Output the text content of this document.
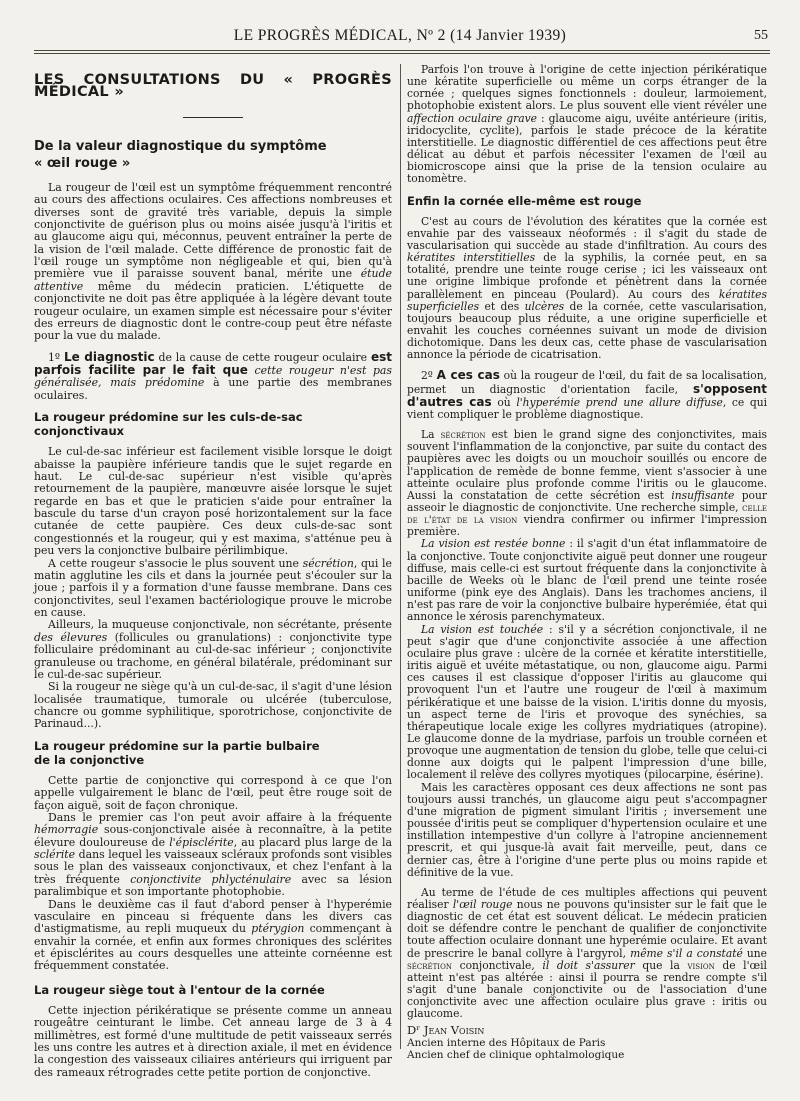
LE PROGRÈS MÉDICAL, Nº 2 (14 Janvier 1939)	55

LES CONSULTATIONS DU « PROGRÈS MÉDICAL »

De la valeur diagnostique du symptôme

« œil rouge »

La rougeur de l'œil est un symptôme fréquemment rencontré au cours des affections oculaires. Ces affections nombreuses et diverses sont de gravité très variable, depuis la simple conjonctivite de guérison plus ou moins aisée jusqu'à l'iritis et au glaucome aigu qui, méconnus, peuvent entraîner la perte de la vision de l'œil malade. Cette différence de pronostic fait de l'œil rouge un symptôme non négligeable et qui, bien qu'à première vue il paraisse souvent banal, mérite une étude attentive même du médecin praticien. L'étiquette de conjonctivite ne doit pas être appliquée à la légère devant toute rougeur oculaire, un examen simple est nécessaire pour s'éviter des erreurs de diagnostic dont le contre-coup peut être néfaste pour la vue du malade.

1º Le diagnostic de la cause de cette rougeur oculaire est parfois facilite par le fait que cette rougeur n'est pas généralisée, mais prédomine à une partie des membranes oculaires.

La rougeur prédomine sur les culs-de-sac

conjonctivaux

Le cul-de-sac inférieur est facilement visible lorsque le doigt abaisse la paupière inférieure tandis que le sujet regarde en haut. Le cul-de-sac supérieur n'est visible qu'après retournement de la paupière, manœuvre aisée lorsque le sujet regarde en bas et que le praticien s'aide pour entraîner la bascule du tarse d'un crayon posé horizontalement sur la face cutanée de cette paupière. Ces deux culs-de-sac sont congestionnés et la rougeur, qui y est maxima, s'atténue peu à peu vers la conjonctive bulbaire périlimbique.

A cette rougeur s'associe le plus souvent une sécrétion, qui le matin agglutine les cils et dans la journée peut s'écouler sur la joue ; parfois il y a formation d'une fausse membrane. Dans ces conjonctivites, seul l'examen bactériologique prouve le microbe en cause.

Ailleurs, la muqueuse conjonctivale, non sécrétante, présente des élevures (follicules ou granulations) : conjonctivite type folliculaire prédominant au cul-de-sac inférieur ; conjonctivite granuleuse ou trachome, en général bilatérale, prédominant sur le cul-de-sac supérieur.

Si la rougeur ne siège qu'à un cul-de-sac, il s'agit d'une lésion localisée traumatique, tumorale ou ulcérée (tuberculose, chancre ou gomme syphilitique, sporotrichose, conjonctivite de Parinaud...).

La rougeur prédomine sur la partie bulbaire

de la conjonctive

Cette partie de conjonctive qui correspond à ce que l'on appelle vulgairement le blanc de l'œil, peut être rouge soit de façon aiguë, soit de façon chronique.

Dans le premier cas l'on peut avoir affaire à la fréquente hémorragie sous-conjonctivale aisée à reconnaître, à la petite élevure douloureuse de l'épisclérite, au placard plus large de la sclérite dans lequel les vaisseaux scléraux profonds sont visibles sous le plan des vaisseaux conjonctivaux, et chez l'enfant à la très fréquente conjonctivite phlycténulaire avec sa lésion paralimbique et son importante photophobie.

Dans le deuxième cas il faut d'abord penser à l'hyperémie vasculaire en pinceau si fréquente dans les divers cas d'astigmatisme, au repli muqueux du ptérygion commençant à envahir la cornée, et enfin aux formes chroniques des sclérites et épisclérites au cours desquelles une atteinte cornéenne est fréquemment constatée.

La rougeur siège tout à l'entour de la cornée

Cette injection périkératique se présente comme un anneau rougeâtre ceinturant le limbe. Cet anneau large de 3 à 4 millimètres, est formé d'une multitude de petit vaisseaux serrés les uns contre les autres et à direction axiale, il met en évidence la congestion des vaisseaux ciliaires antérieurs qui irriguent par des rameaux rétrogrades cette petite portion de conjonctive.

Parfois l'on trouve à l'origine de cette injection périkératique une kératite superficielle ou même un corps étranger de la cornée ; quelques signes fonctionnels : douleur, larmoiement, photophobie existent alors. Le plus souvent elle vient révéler une affection oculaire grave : glaucome aigu, uvéite antérieure (iritis, iridocyclite, cyclite), parfois le stade précoce de la kératite interstitielle. Le diagnostic différentiel de ces affections peut être délicat au début et parfois nécessiter l'examen de l'œil au biomicroscope ainsi que la prise de la tension oculaire au tonomètre.

Enfin la cornée elle-même est rouge

C'est au cours de l'évolution des kératites que la cornée est envahie par des vaisseaux néoformés : il s'agit du stade de vascularisation qui succède au stade d'infiltration. Au cours des kératites interstitielles de la syphilis, la cornée peut, en sa totalité, prendre une teinte rouge cerise ; ici les vaisseaux ont une origine limbique profonde et pénètrent dans la cornée parallèlement en pinceau (Poulard). Au cours des kératites superficielles et des ulcères de la cornée, cette vascularisation, toujours beaucoup plus réduite, a une origine superficielle et envahit les couches cornéennes suivant un mode de division dichotomique. Dans les deux cas, cette phase de vascularisation annonce la période de cicatrisation.

2º A ces cas où la rougeur de l'œil, du fait de sa localisation, permet un diagnostic d'orientation facile, s'opposent d'autres cas où l'hyperémie prend une allure diffuse, ce qui vient compliquer le problème diagnostique.

La sécrétion est bien le grand signe des conjonctivites, mais souvent l'inflammation de la conjonctive, par suite du contact des paupières avec les doigts ou un mouchoir souillés ou encore de l'application de remède de bonne femme, vient s'associer à une atteinte oculaire plus profonde comme l'iritis ou le glaucome. Aussi la constatation de cette sécrétion est insuffisante pour asseoir le diagnostic de conjonctivite. Une recherche simple, celle de l'état de la vision viendra confirmer ou infirmer l'impression première.

La vision est restée bonne : il s'agit d'un état inflammatoire de la conjonctive. Toute conjonctivite aiguë peut donner une rougeur diffuse, mais celle-ci est surtout fréquente dans la conjonctivite à bacille de Weeks où le blanc de l'œil prend une teinte rosée uniforme (pink eye des Anglais). Dans les trachomes anciens, il n'est pas rare de voir la conjonctive bulbaire hyperémiée, état qui annonce le xérosis parenchymateux.

La vision est touchée : s'il y a sécrétion conjonctivale, il ne peut s'agir que d'une conjonctivite associée à une affection oculaire plus grave : ulcère de la cornée et kératite interstitielle, iritis aiguë et uvéite métastatique, ou non, glaucome aigu. Parmi ces causes il est classique d'opposer l'iritis au glaucome qui provoquent l'un et l'autre une rougeur de l'œil à maximum périkératique et une baisse de la vision. L'iritis donne du myosis, un aspect terne de l'iris et provoque des synéchies, sa thérapeutique locale exige les collyres mydriatiques (atropine). Le glaucome donne de la mydriase, parfois un trouble cornéen et provoque une augmentation de tension du globe, telle que celui-ci donne aux doigts qui le palpent l'impression d'une bille, localement il relève des collyres myotiques (pilocarpine, ésérine).

Mais les caractères opposant ces deux affections ne sont pas toujours aussi tranchés, un glaucome aigu peut s'accompagner d'une migration de pigment simulant l'iritis ; inversement une poussée d'iritis peut se compliquer d'hypertension oculaire et une instillation intempestive d'un collyre à l'atropine anciennement prescrit, et qui jusque-là avait fait merveille, peut, dans ce dernier cas, être à l'origine d'une perte plus ou moins rapide et définitive de la vue.

Au terme de l'étude de ces multiples affections qui peuvent réaliser l'œil rouge nous ne pouvons qu'insister sur le fait que le diagnostic de cet état est souvent délicat. Le médecin praticien doit se défendre contre le penchant de qualifier de conjonctivite toute affection oculaire donnant une hyperémie oculaire. Et avant de prescrire le banal collyre à l'argyrol, même s'il a constaté une sécrétion conjonctivale, il doit s'assurer que la vision de l'œil atteint n'est pas altérée : ainsi il pourra se rendre compte s'il s'agit d'une banale conjonctivite ou de l'association d'une conjonctivite avec une affection oculaire plus grave : iritis ou glaucome.

Dʳ Jean Voisin

Ancien interne des Hôpitaux de Paris

Ancien chef de clinique ophtalmologique
